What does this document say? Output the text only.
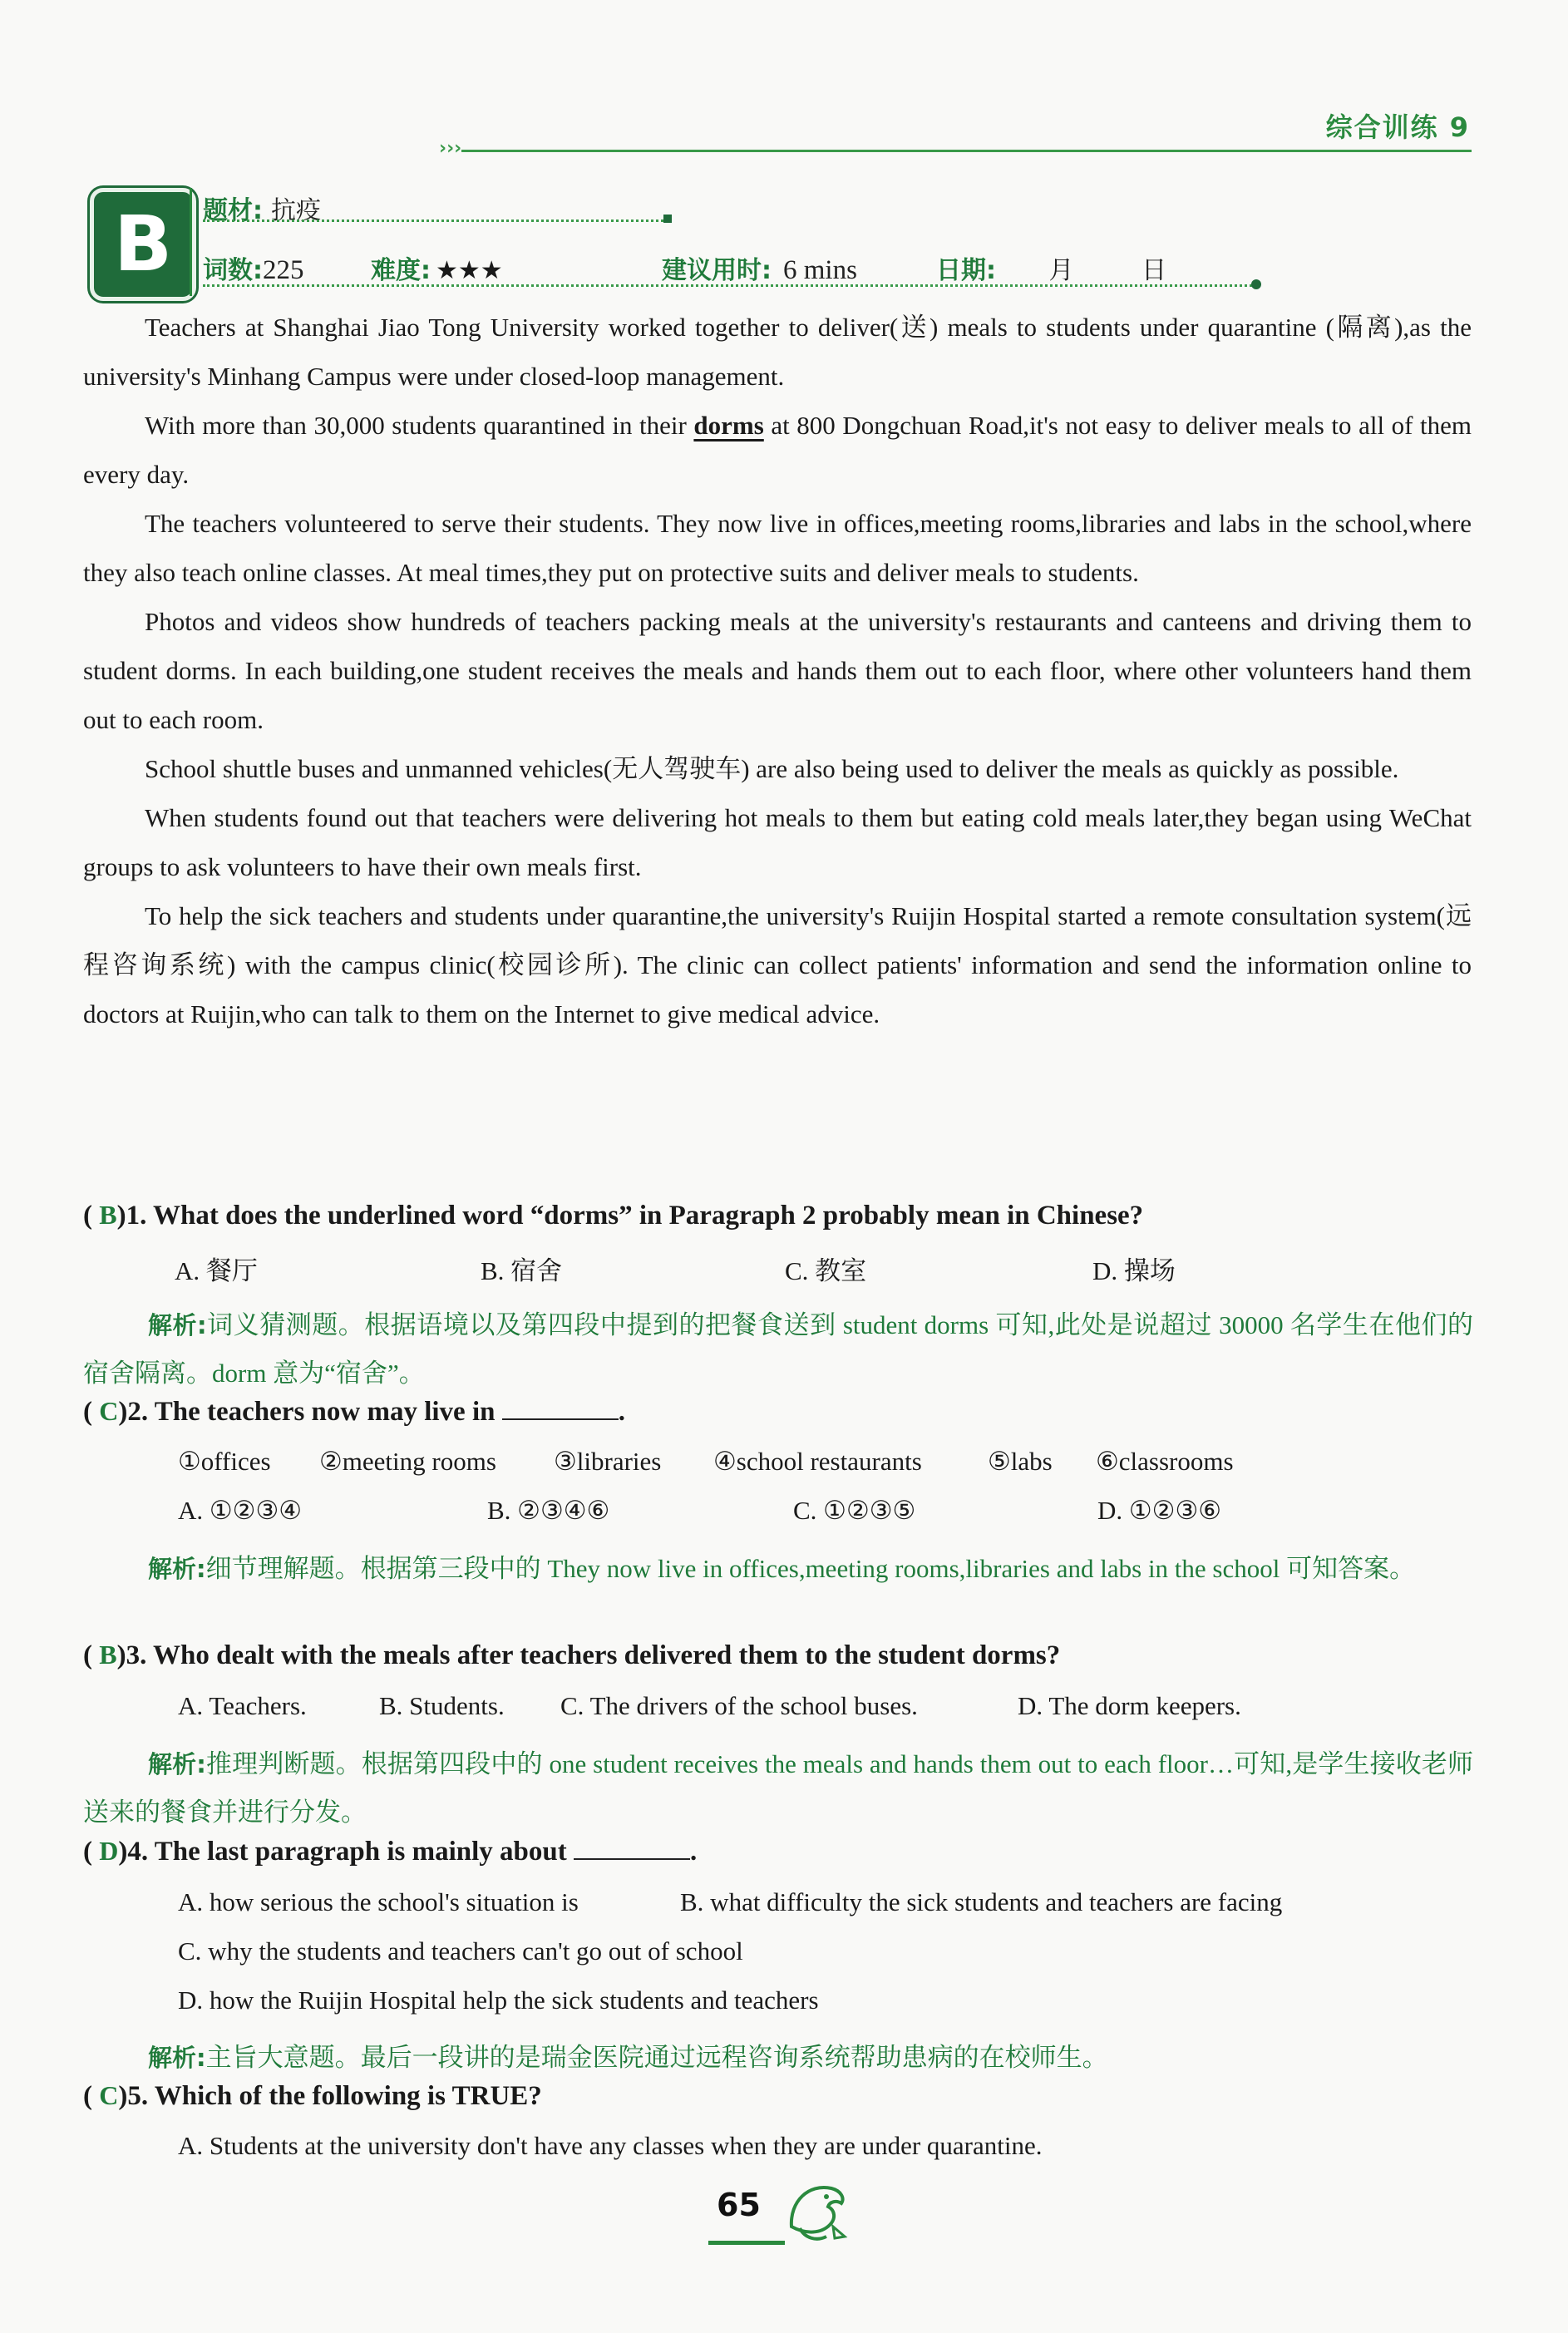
›››
综合训练 9
B 题材: 抗疫
词数:225	难度: ★★★	建议用时: 6 mins	日期: 月	日

Teachers at Shanghai Jiao Tong University worked together to deliver(送) meals to students under quarantine (隔离),as the university's Minhang Campus were under closed-loop management.

With more than 30,000 students quarantined in their dorms at 800 Dongchuan Road,it's not easy to deliver meals to all of them every day.

The teachers volunteered to serve their students. They now live in offices,meeting rooms,libraries and labs in the school,where they also teach online classes. At meal times,they put on protective suits and deliver meals to students.

Photos and videos show hundreds of teachers packing meals at the university's restaurants and canteens and driving them to student dorms. In each building,one student receives the meals and hands them out to each floor, where other volunteers hand them out to each room.

School shuttle buses and unmanned vehicles(无人驾驶车) are also being used to deliver the meals as quickly as possible.

When students found out that teachers were delivering hot meals to them but eating cold meals later,they began using WeChat groups to ask volunteers to have their own meals first.

To help the sick teachers and students under quarantine,the university's Ruijin Hospital started a remote consultation system(远程咨询系统) with the campus clinic(校园诊所). The clinic can collect patients' information and send the information online to doctors at Ruijin,who can talk to them on the Internet to give medical advice.

( B)1. What does the underlined word “dorms” in Paragraph 2 probably mean in Chinese?
A. 餐厅	B. 宿舍	C. 教室	D. 操场
解析:词义猜测题。根据语境以及第四段中提到的把餐食送到 student dorms 可知,此处是说超过 30000 名学生在他们的宿舍隔离。dorm 意为“宿舍”。
( C)2. The teachers now may live in	.
①offices ②meeting rooms ③libraries ④school restaurants	⑤labs ⑥classrooms
A. ①②③④	B. ②③④⑥	C. ①②③⑤	D. ①②③⑥
解析:细节理解题。根据第三段中的 They now live in offices,meeting rooms,libraries and labs in the school 可知答案。
( B)3. Who dealt with the meals after teachers delivered them to the student dorms?
A. Teachers.	B. Students. C. The drivers of the school buses.	D. The dorm keepers.
解析:推理判断题。根据第四段中的 one student receives the meals and hands them out to each floor…可知,是学生接收老师送来的餐食并进行分发。
( D)4. The last paragraph is mainly about	.
A. how serious the school's situation is	B. what difficulty the sick students and teachers are facing
C. why the students and teachers can't go out of school
D. how the Ruijin Hospital help the sick students and teachers
解析:主旨大意题。最后一段讲的是瑞金医院通过远程咨询系统帮助患病的在校师生。
( C)5. Which of the following is TRUE?
A. Students at the university don't have any classes when they are under quarantine.
65
